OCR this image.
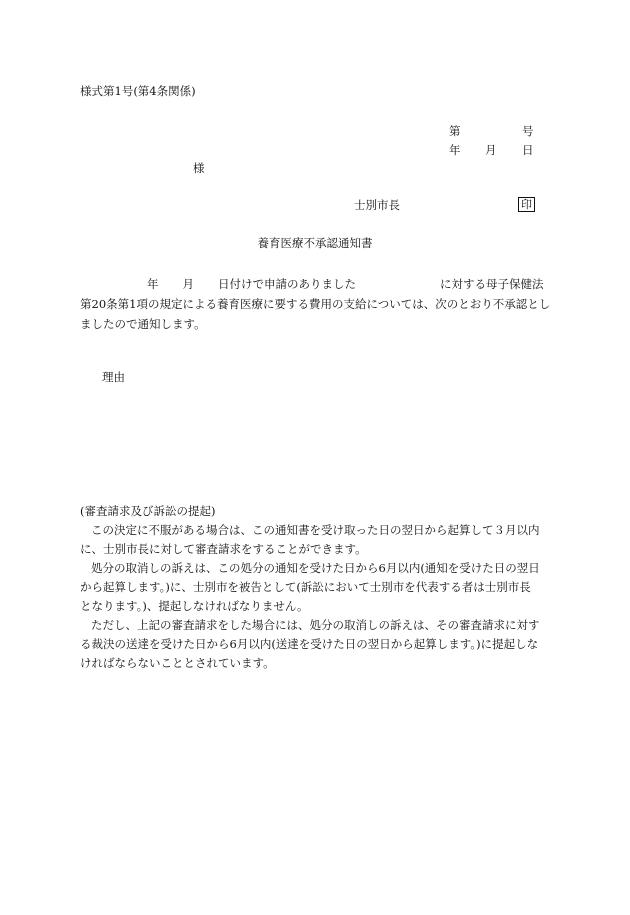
様式第1号(第4条関係)
第	号
年 月 日
様
士別市長	印
養育医療不承認通知書
年 月 日付けで申請のありました	に対する母子保健法
第20条第1項の規定による養育医療に要する費用の支給については、次のとおり不承認とし
ましたので通知します。
理由
(審査請求及び訴訟の提起)
この決定に不服がある場合は、この通知書を受け取った日の翌日から起算して３月以内
に、士別市長に対して審査請求をすることができます。
処分の取消しの訴えは、この処分の通知を受けた日から6月以内(通知を受けた日の翌日
から起算します。)に、士別市を被告として(訴訟において士別市を代表する者は士別市長
となります。)、提起しなければなりません。
ただし、上記の審査請求をした場合には、処分の取消しの訴えは、その審査請求に対す
る裁決の送達を受けた日から6月以内(送達を受けた日の翌日から起算します。)に提起しな
ければならないこととされています。
